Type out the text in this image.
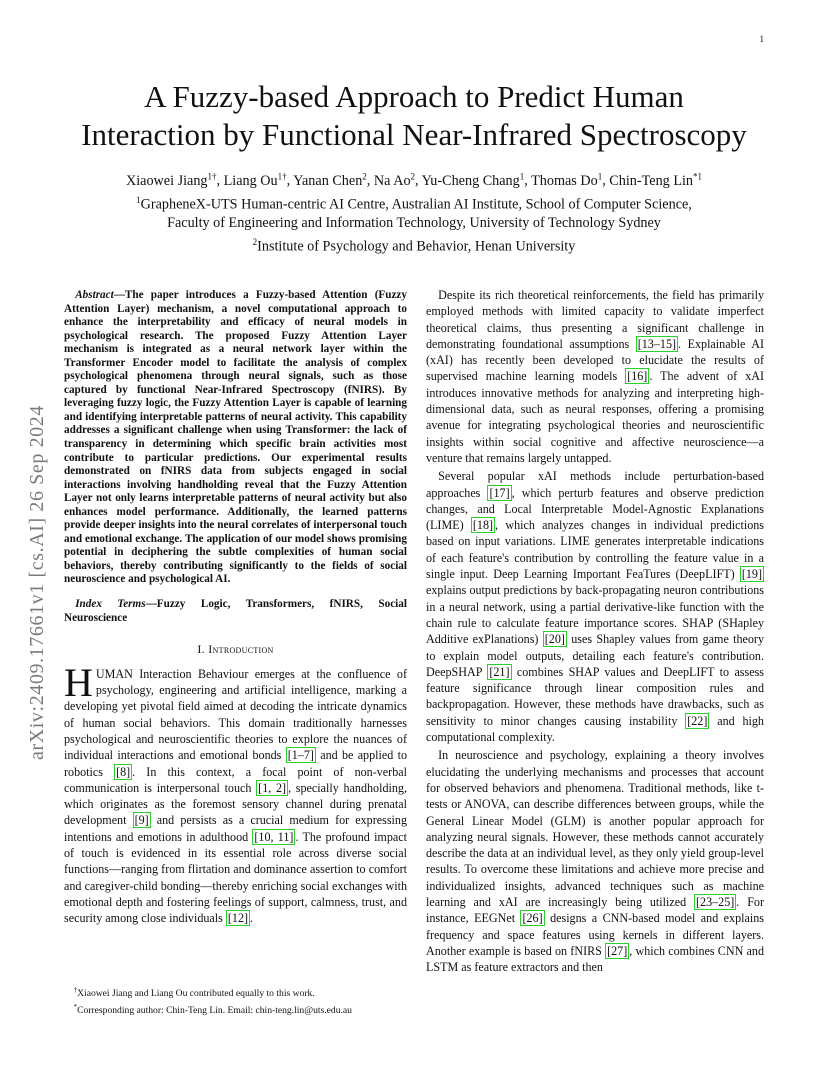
1
arXiv:2409.17661v1 [cs.AI] 26 Sep 2024
A Fuzzy-based Approach to Predict Human
Interaction by Functional Near-Infrared Spectroscopy
Xiaowei Jiang$^{1\dagger}$, Liang $Ou^{1\dagger}$, Yanan Chen$^2$, Na Ao$^2$, Yu-Cheng Chang$^1$, Thomas Do$^1$, Chin-Teng Lin$^{*1}$
$^1$GrapheneX-UTS Human-centric AI Centre, Australian AI Institute, School of Computer Science,
Faculty of Engineering and Information Technology, University of Technology Sydney
$^2$Institute of Psychology and Behavior, Henan University

Abstract—The paper introduces a Fuzzy-based Attention (Fuzzy Attention Layer) mechanism, a novel computational approach to enhance the interpretability and efficacy of neural models in psychological research. The proposed Fuzzy Attention Layer mechanism is integrated as a neural network layer within the Transformer Encoder model to facilitate the analysis of complex psychological phenomena through neural signals, such as those captured by functional Near-Infrared Spectroscopy (fNIRS). By leveraging fuzzy logic, the Fuzzy Attention Layer is capable of learning and identifying interpretable patterns of neural activity. This capability addresses a significant challenge when using Transformer: the lack of transparency in determining which specific brain activities most contribute to particular predictions. Our experimental results demonstrated on fNIRS data from subjects engaged in social interactions involving handholding reveal that the Fuzzy Attention Layer not only learns interpretable patterns of neural activity but also enhances model performance. Additionally, the learned patterns provide deeper insights into the neural correlates of interpersonal touch and emotional exchange. The application of our model shows promising potential in deciphering the subtle complexities of human social behaviors, thereby contributing significantly to the fields of social neuroscience and psychological AI.

Index Terms—Fuzzy Logic, Transformers, fNIRS, Social Neuroscience

I. Introduction

HUMAN Interaction Behaviour emerges at the confluence of psychology, engineering and artificial intelligence, marking a developing yet pivotal field aimed at decoding the intricate dynamics of human social behaviors. This domain traditionally harnesses psychological and neuroscientific theories to explore the nuances of individual interactions and emotional bonds [1–7] and be applied to robotics [8] . In this context, a focal point of non-verbal communication is interpersonal touch [1, 2] , specially handholding, which originates as the foremost sensory channel during prenatal development [9] and persists as a crucial medium for expressing intentions and emotions in adulthood [10, 11] . The profound impact of touch is evidenced in its essential role across diverse social functions—ranging from flirtation and dominance assertion to comfort and caregiver-child bonding—thereby enriching social exchanges with emotional depth and fostering feelings of support, calmness, trust, and security among close individuals [12] .

†Xiaowei Jiang and Liang Ou contributed equally to this work.

*Corresponding author: Chin-Teng Lin. Email: chin-teng.lin@uts.edu.au

Despite its rich theoretical reinforcements, the field has primarily employed methods with limited capacity to validate imperfect theoretical claims, thus presenting a significant challenge in demonstrating foundational assumptions [13–15] . Explainable AI (xAI) has recently been developed to elucidate the results of supervised machine learning models [16] . The advent of xAI introduces innovative methods for analyzing and interpreting high-dimensional data, such as neural responses, offering a promising avenue for integrating psychological theories and neuroscientific insights within social cognitive and affective neuroscience—a venture that remains largely untapped.

Several popular xAI methods include perturbation-based approaches [17] , which perturb features and observe prediction changes, and Local Interpretable Model-Agnostic Explanations (LIME) [18] , which analyzes changes in individual predictions based on input variations. LIME generates interpretable indications of each feature's contribution by controlling the feature value in a single input. Deep Learning Important FeaTures (DeepLIFT) [19] explains output predictions by back-propagating neuron contributions in a neural network, using a partial derivative-like function with the chain rule to calculate feature importance scores. SHAP (SHapley Additive exPlanations) [20] uses Shapley values from game theory to explain model outputs, detailing each feature's contribution. DeepSHAP [21] combines SHAP values and DeepLIFT to assess feature significance through linear composition rules and backpropagation. However, these methods have drawbacks, such as sensitivity to minor changes causing instability [22] and high computational complexity.

In neuroscience and psychology, explaining a theory involves elucidating the underlying mechanisms and processes that account for observed behaviors and phenomena. Traditional methods, like t-tests or ANOVA, can describe differences between groups, while the General Linear Model (GLM) is another popular approach for analyzing neural signals. However, these methods cannot accurately describe the data at an individual level, as they only yield group-level results. To overcome these limitations and achieve more precise and individualized insights, advanced techniques such as machine learning and xAI are increasingly being utilized [23–25] . For instance, EEGNet [26] designs a CNN-based model and explains frequency and space features using kernels in different layers. Another example is based on fNIRS [27] , which combines CNN and LSTM as feature extractors and then
